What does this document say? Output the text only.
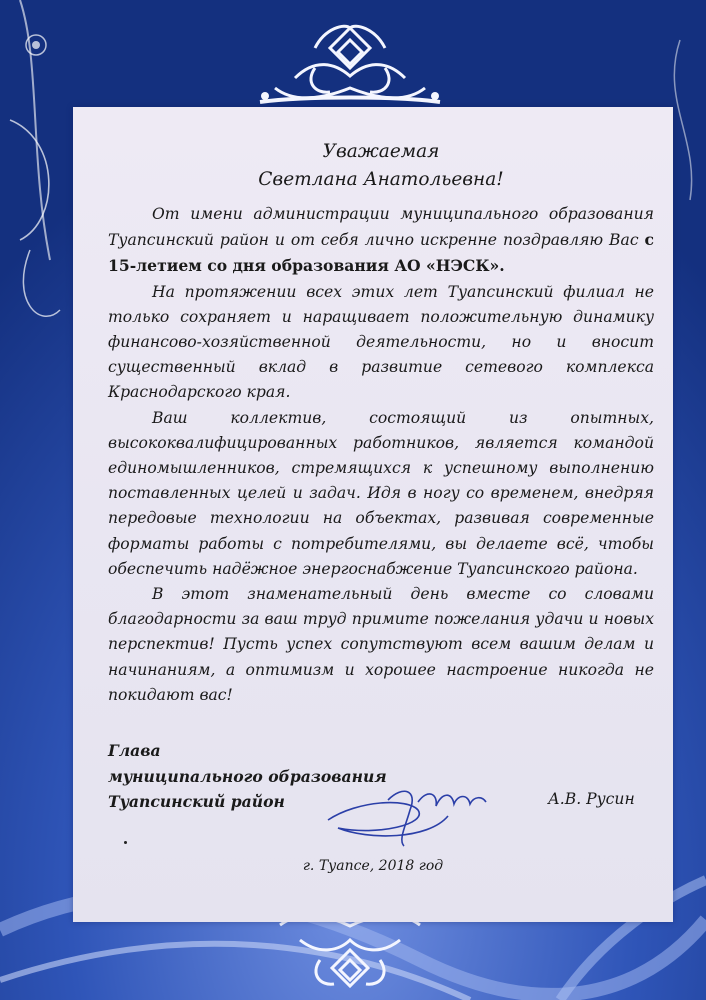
Уважаемая
Светлана Анатольевна!

От имени администрации муниципального образования Туапсинский район и от себя лично искренне поздравляю Вас с 15-летием со дня образования АО «НЭСК».

На протяжении всех этих лет Туапсинский филиал не только сохраняет и наращивает положительную динамику финансово-хозяйственной деятельности, но и вносит существенный вклад в развитие сетевого комплекса Краснодарского края.

Ваш коллектив, состоящий из опытных, высококвалифицированных работников, является командой единомышленников, стремящихся к успешному выполнению поставленных целей и задач. Идя в ногу со временем, внедряя передовые технологии на объектах, развивая современные форматы работы с потребителями, вы делаете всё, чтобы обеспечить надёжное энергоснабжение Туапсинского района.

В этот знаменательный день вместе со словами благодарности за ваш труд примите пожелания удачи и новых перспектив! Пусть успех сопутствуют всем вашим делам и начинаниям, а оптимизм и хорошее настроение никогда не покидают вас!

Глава
муниципального образования
Туапсинский район	А.В. Русин
г. Туапсе, 2018 год
